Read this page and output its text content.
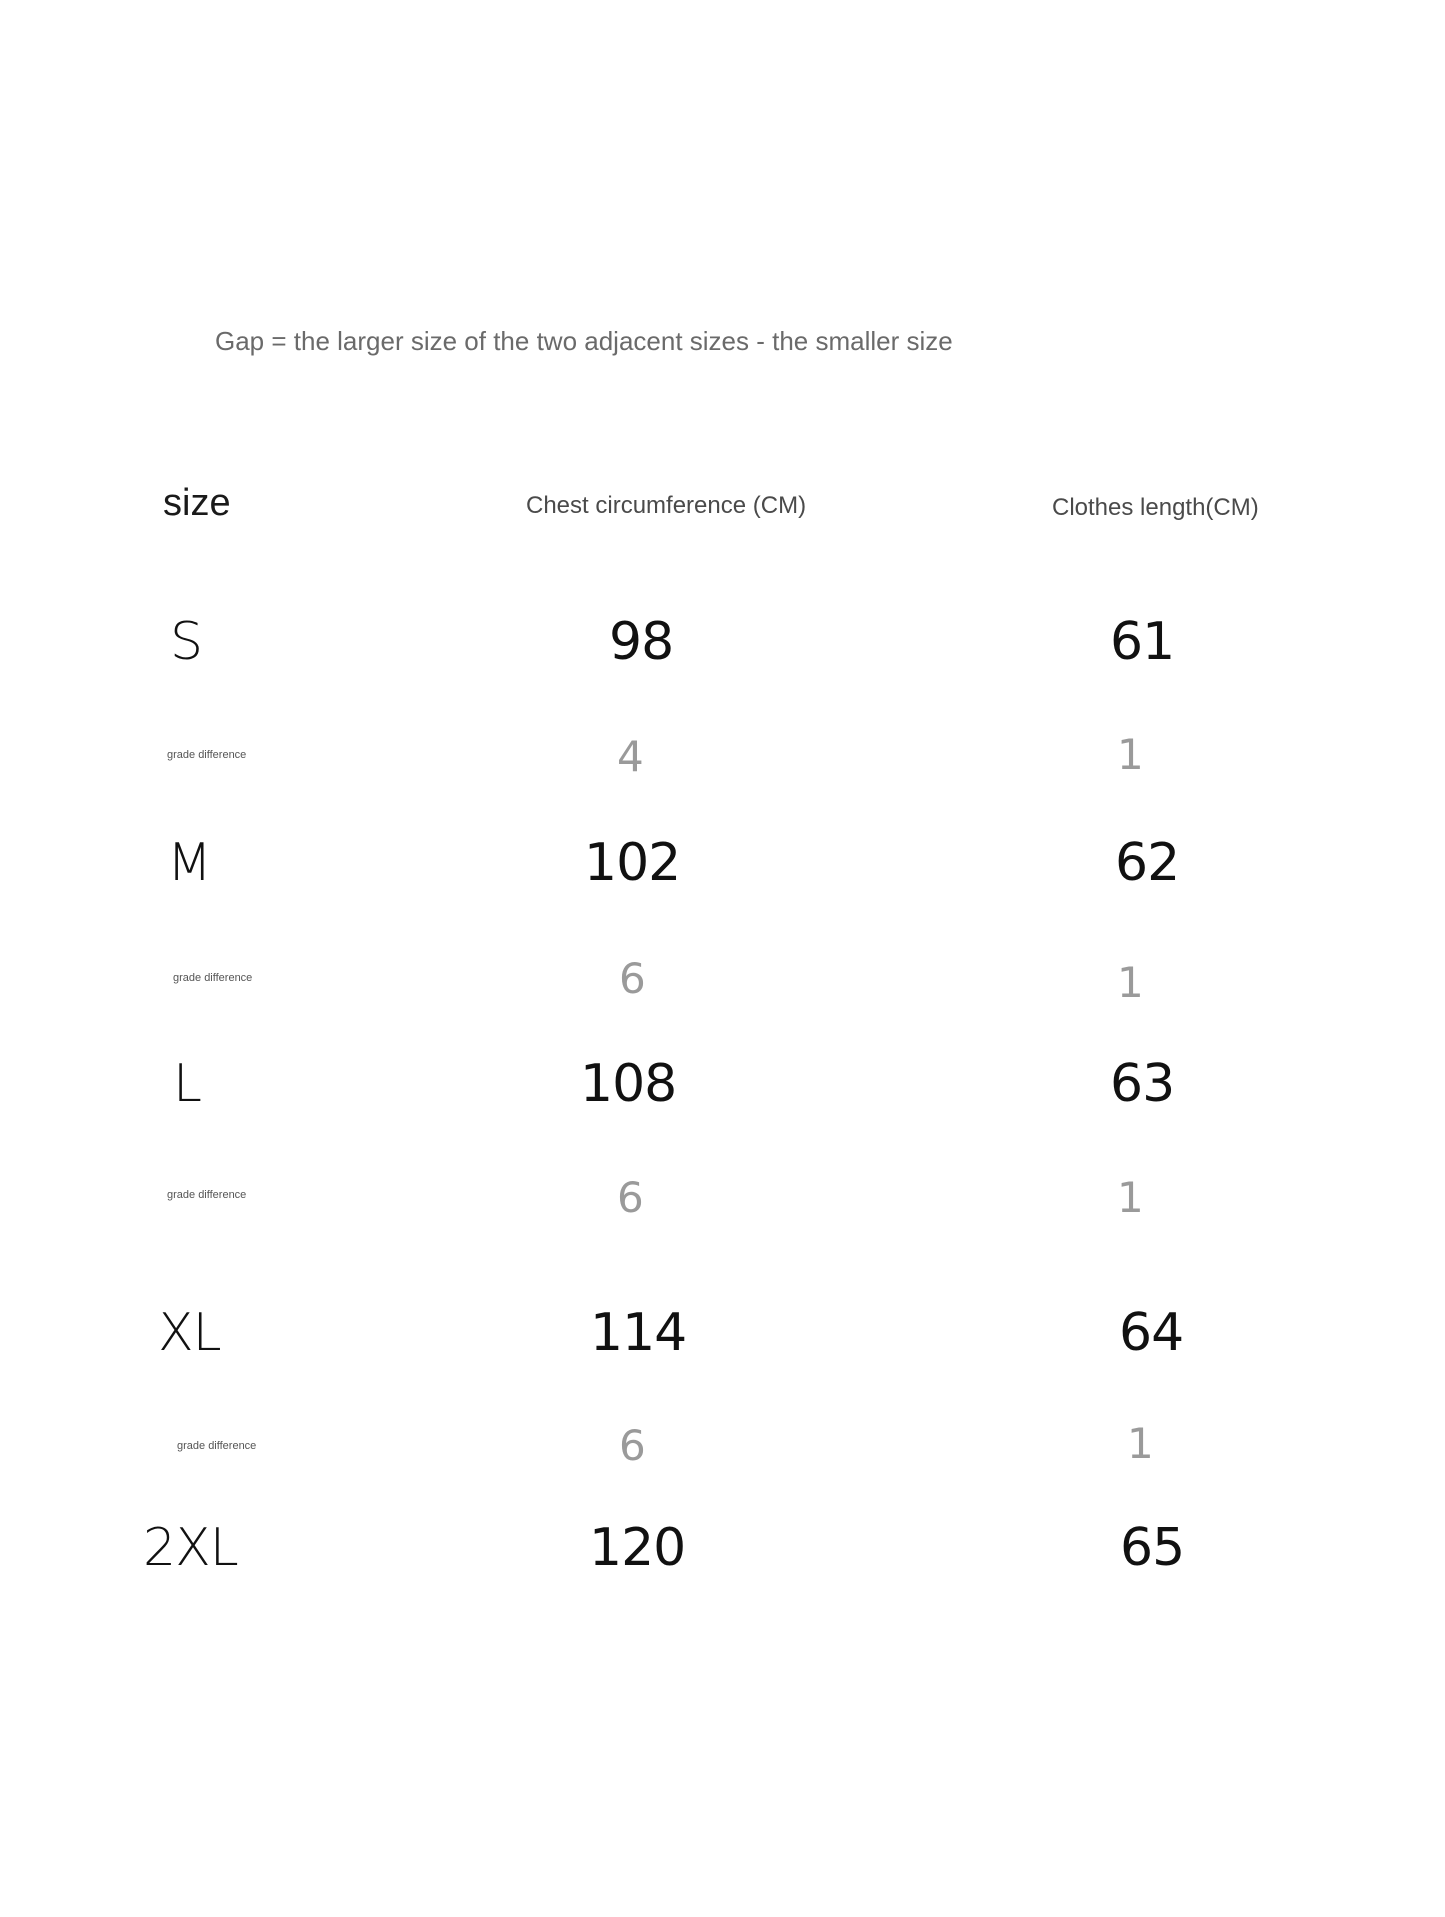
Gap = the larger size of the two adjacent sizes - the smaller size
size	Chest circumference (CM)	Clothes length(CM)
S	98	61
grade difference	4	1
M	102	62
grade difference	6	1
L	108	63
grade difference	6	1
XL	114	64
grade difference	6	1
2XL	120	65
